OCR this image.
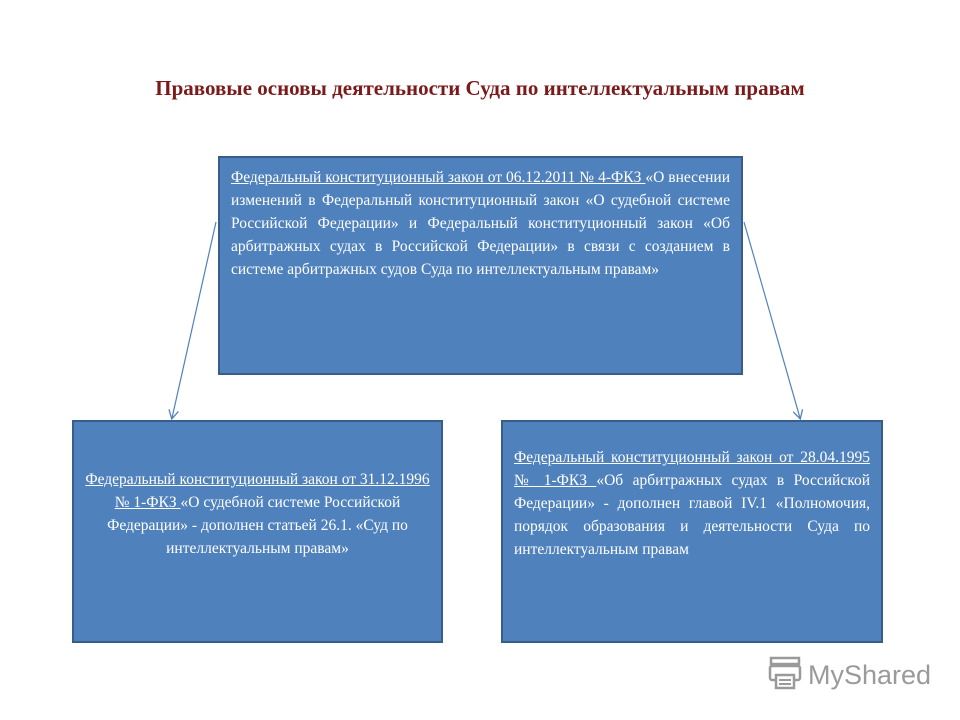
Правовые основы деятельности Суда по интеллектуальным правам
Федеральный конституционный закон от 06.12.2011 № 4-ФКЗ «О внесении изменений в Федеральный конституционный закон «О судебной системе Российской Федерации» и Федеральный конституционный закон «Об арбитражных судах в Российской Федерации» в связи с созданием в системе арбитражных судов Суда по интеллектуальным правам»
Федеральный конституционный закон от 31.12.1996 № 1-ФКЗ «О судебной системе Российской Федерации» - дополнен статьей 26.1. «Суд по интеллектуальным правам»
Федеральный конституционный закон от 28.04.1995 № 1-ФКЗ «Об арбитражных судах в Российской Федерации» - дополнен главой IV.1 «Полномочия, порядок образования и деятельности Суда по интеллектуальным правам
MyShared
